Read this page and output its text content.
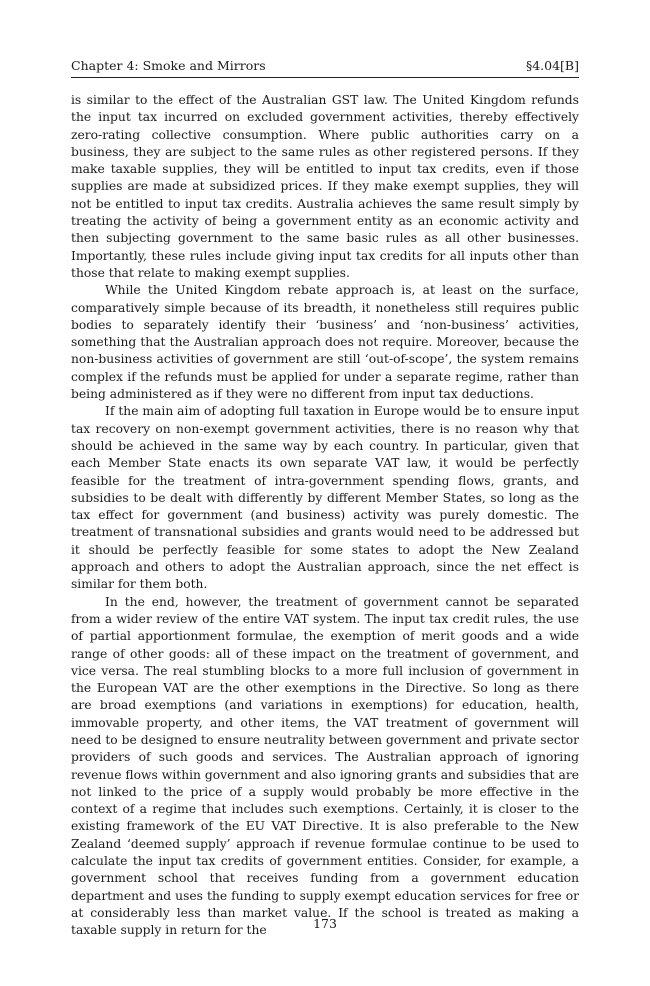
Chapter 4: Smoke and Mirrors	§4.04[B]

is similar to the effect of the Australian GST law. The United Kingdom refunds the input tax incurred on excluded government activities, thereby effectively zero-rating collective consumption. Where public authorities carry on a business, they are subject to the same rules as other registered persons. If they make taxable supplies, they will be entitled to input tax credits, even if those supplies are made at subsidized prices. If they make exempt supplies, they will not be entitled to input tax credits. Australia achieves the same result simply by treating the activity of being a government entity as an economic activity and then subjecting government to the same basic rules as all other businesses. Importantly, these rules include giving input tax credits for all inputs other than those that relate to making exempt supplies.

While the United Kingdom rebate approach is, at least on the surface, comparatively simple because of its breadth, it nonetheless still requires public bodies to separately identify their ‘business’ and ‘non-business’ activities, something that the Australian approach does not require. Moreover, because the non-business activities of government are still ‘out-of-scope’, the system remains complex if the refunds must be applied for under a separate regime, rather than being administered as if they were no different from input tax deductions.

If the main aim of adopting full taxation in Europe would be to ensure input tax recovery on non-exempt government activities, there is no reason why that should be achieved in the same way by each country. In particular, given that each Member State enacts its own separate VAT law, it would be perfectly feasible for the treatment of intra-government spending flows, grants, and subsidies to be dealt with differently by different Member States, so long as the tax effect for government (and business) activity was purely domestic. The treatment of transnational subsidies and grants would need to be addressed but it should be perfectly feasible for some states to adopt the New Zealand approach and others to adopt the Australian approach, since the net effect is similar for them both.

In the end, however, the treatment of government cannot be separated from a wider review of the entire VAT system. The input tax credit rules, the use of partial apportionment formulae, the exemption of merit goods and a wide range of other goods: all of these impact on the treatment of government, and vice versa. The real stumbling blocks to a more full inclusion of government in the European VAT are the other exemptions in the Directive. So long as there are broad exemptions (and variations in exemptions) for education, health, immovable property, and other items, the VAT treatment of government will need to be designed to ensure neutrality between government and private sector providers of such goods and services. The Australian approach of ignoring revenue flows within government and also ignoring grants and subsidies that are not linked to the price of a supply would probably be more effective in the context of a regime that includes such exemptions. Certainly, it is closer to the existing framework of the EU VAT Directive. It is also preferable to the New Zealand ‘deemed supply’ approach if revenue formulae continue to be used to calculate the input tax credits of government entities. Consider, for example, a government school that receives funding from a government education department and uses the funding to supply exempt education services for free or at considerably less than market value. If the school is treated as making a taxable supply in return for the	173
